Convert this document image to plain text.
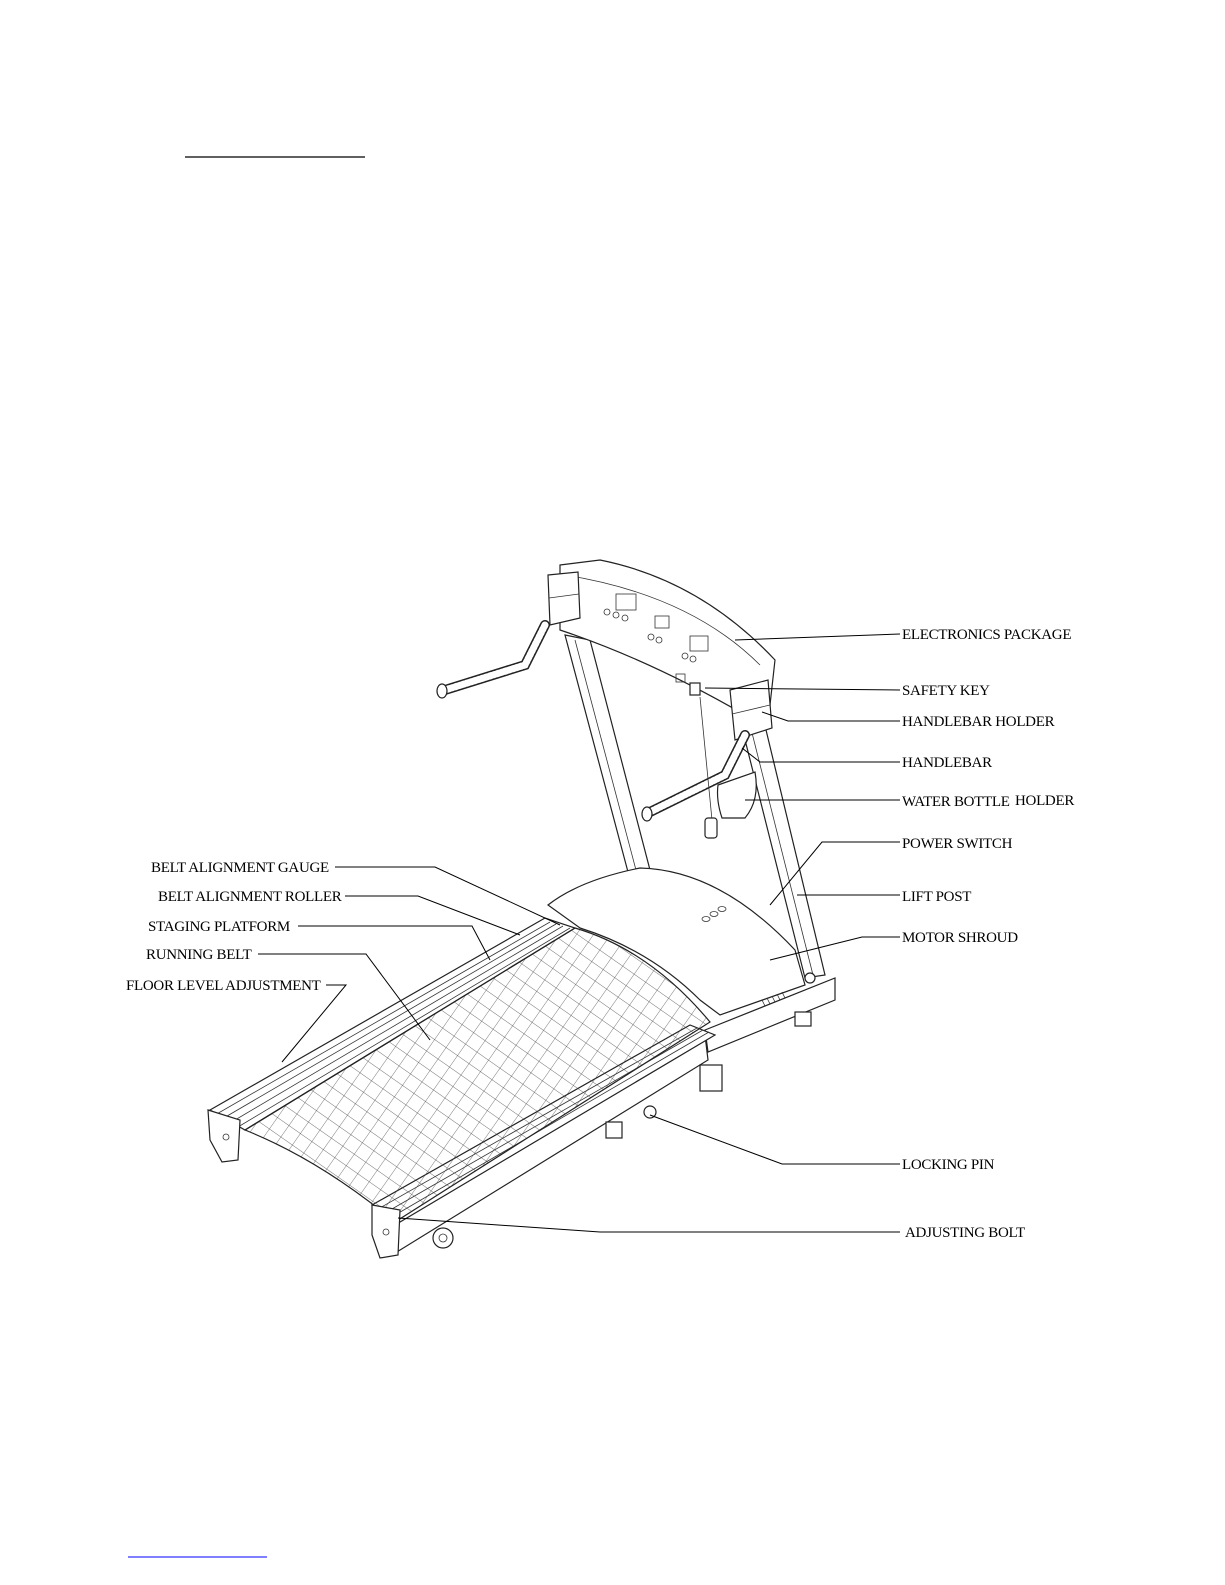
ELECTRONICS PACKAGE
SAFETY KEY
HANDLEBAR HOLDER
HANDLEBAR
WATER BOTTLE HOLDER
POWER SWITCH
LIFT POST
MOTOR SHROUD
BELT ALIGNMENT GAUGE
BELT ALIGNMENT ROLLER
STAGING PLATFORM
RUNNING BELT
FLOOR LEVEL ADJUSTMENT
LOCKING PIN
ADJUSTING BOLT
